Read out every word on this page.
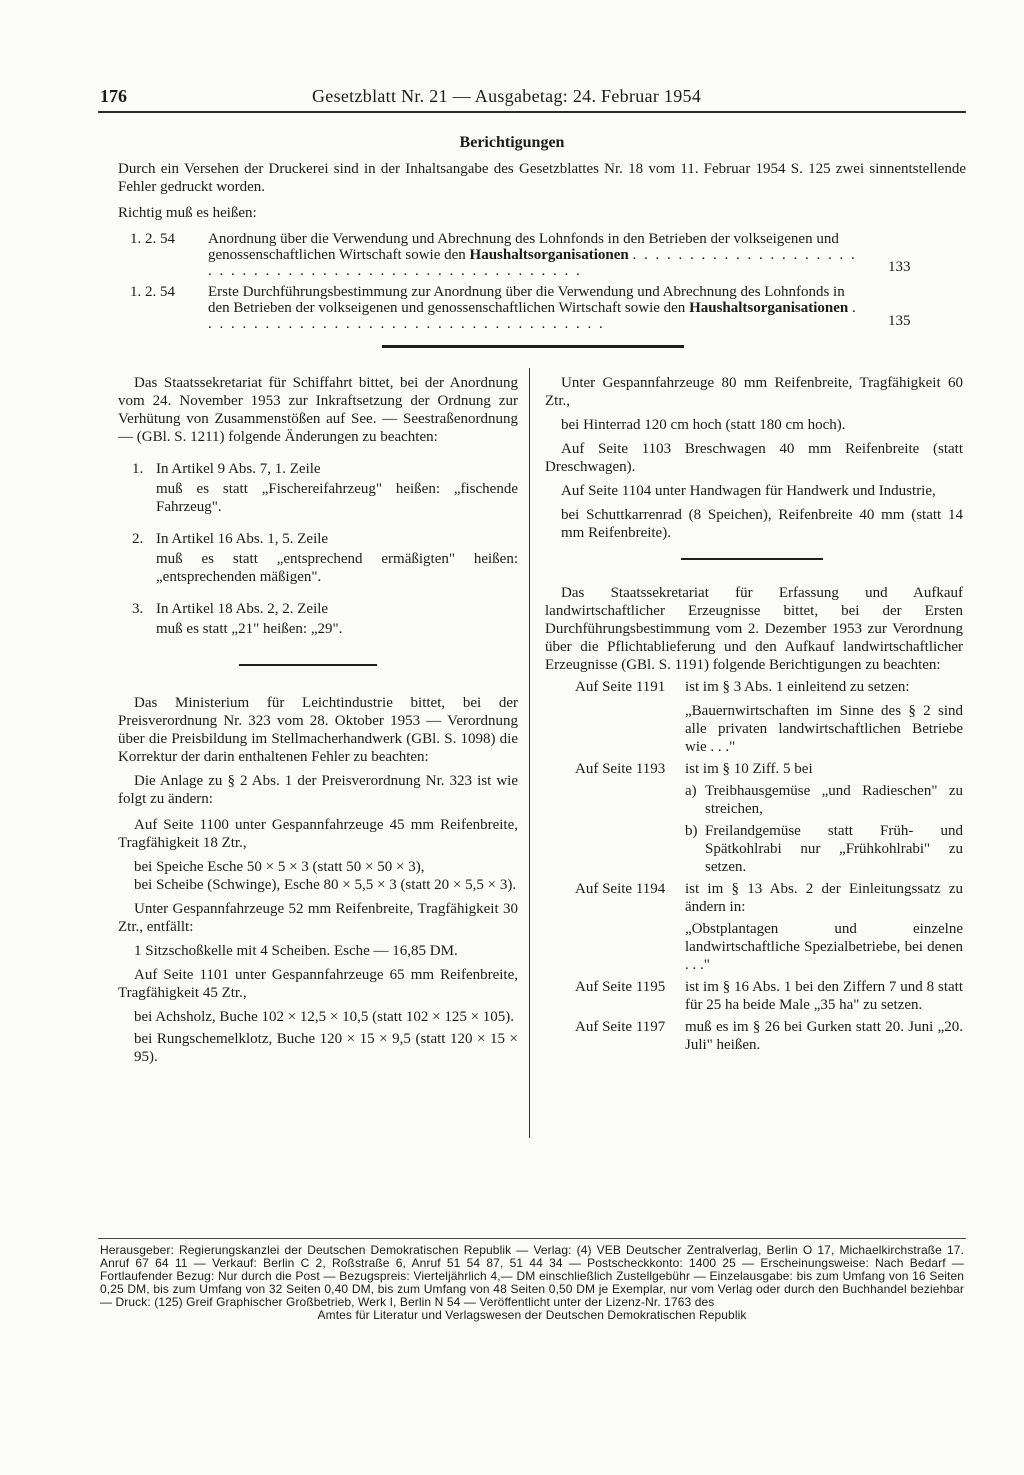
176	Gesetzblatt Nr. 21 — Ausgabetag: 24. Februar 1954
Berichtigungen
Durch ein Versehen der Druckerei sind in der Inhaltsangabe des Gesetzblattes Nr. 18 vom 11. Februar 1954 S. 125 zwei sinnentstellende Fehler gedruckt worden.
Richtig muß es heißen:
1. 2. 54 Anordnung über die Verwendung und Abrechnung des Lohnfonds in den Betrieben der volkseigenen und genossenschaftlichen Wirtschaft sowie den Haushaltsorganisationen . . . . . . . . . . . . . . . . . . . . . . . . . . . . . . . . . . . . . . . . . . . . . . . . . . . . .	133
1. 2. 54 Erste Durchführungsbestimmung zur Anordnung über die Verwendung und Abrechnung des Lohnfonds in den Betrieben der volkseigenen und genossenschaftlichen Wirtschaft sowie den Haushaltsorganisationen . . . . . . . . . . . . . . . . . . . . . . . . . . . . . . . . . . . .	135

Das Staatssekretariat für Schiffahrt bittet, bei der Anordnung vom 24. November 1953 zur Inkraftsetzung der Ordnung zur Verhütung von Zusammenstößen auf See. — Seestraßenordnung — (GBl. S. 1211) folgende Änderungen zu beachten:

1. In Artikel 9 Abs. 7, 1. Zeile

muß es statt „Fischereifahrzeug" heißen: „fischende Fahrzeug".

2. In Artikel 16 Abs. 1, 5. Zeile

muß es statt „entsprechend ermäßigten" heißen: „entsprechenden mäßigen".

3. In Artikel 18 Abs. 2, 2. Zeile

muß es statt „21" heißen: „29".

Das Ministerium für Leichtindustrie bittet, bei der Preisverordnung Nr. 323 vom 28. Oktober 1953 — Verordnung über die Preisbildung im Stellmacherhandwerk (GBl. S. 1098) die Korrektur der darin enthaltenen Fehler zu beachten:

Die Anlage zu § 2 Abs. 1 der Preisverordnung Nr. 323 ist wie folgt zu ändern:

Auf Seite 1100 unter Gespannfahrzeuge 45 mm Reifenbreite, Tragfähigkeit 18 Ztr.,

bei Speiche Esche 50 × 5 × 3 (statt 50 × 50 × 3),

bei Scheibe (Schwinge), Esche 80 × 5,5 × 3 (statt 20 × 5,5 × 3).

Unter Gespannfahrzeuge 52 mm Reifenbreite, Tragfähigkeit 30 Ztr., entfällt:

1 Sitzschoßkelle mit 4 Scheiben. Esche — 16,85 DM.

Auf Seite 1101 unter Gespannfahrzeuge 65 mm Reifenbreite, Tragfähigkeit 45 Ztr.,

bei Achsholz, Buche 102 × 12,5 × 10,5 (statt 102 × 125 × 105).

bei Rungschemelklotz, Buche 120 × 15 × 9,5 (statt 120 × 15 × 95).

Unter Gespannfahrzeuge 80 mm Reifenbreite, Tragfähigkeit 60 Ztr.,

bei Hinterrad 120 cm hoch (statt 180 cm hoch).

Auf Seite 1103 Breschwagen 40 mm Reifenbreite (statt Dreschwagen).

Auf Seite 1104 unter Handwagen für Handwerk und Industrie,

bei Schuttkarrenrad (8 Speichen), Reifenbreite 40 mm (statt 14 mm Reifenbreite).

Das Staatssekretariat für Erfassung und Aufkauf landwirtschaftlicher Erzeugnisse bittet, bei der Ersten Durchführungsbestimmung vom 2. Dezember 1953 zur Verordnung über die Pflichtablieferung und den Aufkauf landwirtschaftlicher Erzeugnisse (GBl. S. 1191) folgende Berichtigungen zu beachten:

Auf Seite 1191	ist im § 3 Abs. 1 einleitend zu setzen:

„Bauernwirtschaften im Sinne des § 2 sind alle privaten landwirtschaftlichen Betriebe wie . . ."

Auf Seite 1193	ist im § 10 Ziff. 5 bei

a) Treibhausgemüse „und Radieschen" zu streichen,

b) Freilandgemüse statt Früh- und Spätkohlrabi nur „Frühkohlrabi" zu setzen.

Auf Seite 1194	ist im § 13 Abs. 2 der Einleitungssatz zu ändern in:

„Obstplantagen und einzelne landwirtschaftliche Spezialbetriebe, bei denen . . ."

Auf Seite 1195	ist im § 16 Abs. 1 bei den Ziffern 7 und 8 statt für 25 ha beide Male „35 ha" zu setzen.

Auf Seite 1197	muß es im § 26 bei Gurken statt 20. Juni „20. Juli" heißen.

Herausgeber: Regierungskanzlei der Deutschen Demokratischen Republik — Verlag: (4) VEB Deutscher Zentralverlag, Berlin O 17, Michaelkirchstraße 17. Anruf 67 64 11 — Verkauf: Berlin C 2, Roßstraße 6, Anruf 51 54 87, 51 44 34 — Postscheckkonto: 1400 25 — Erscheinungsweise: Nach Bedarf — Fortlaufender Bezug: Nur durch die Post — Bezugspreis: Vierteljährlich 4,— DM einschließlich Zustellgebühr — Einzelausgabe: bis zum Umfang von 16 Seiten 0,25 DM, bis zum Umfang von 32 Seiten 0,40 DM, bis zum Umfang von 48 Seiten 0,50 DM je Exemplar, nur vom Verlag oder durch den Buchhandel beziehbar — Druck: (125) Greif Graphischer Großbetrieb, Werk I, Berlin N 54 — Veröffentlicht unter der Lizenz-Nr. 1763 des
Amtes für Literatur und Verlagswesen der Deutschen Demokratischen Republik
